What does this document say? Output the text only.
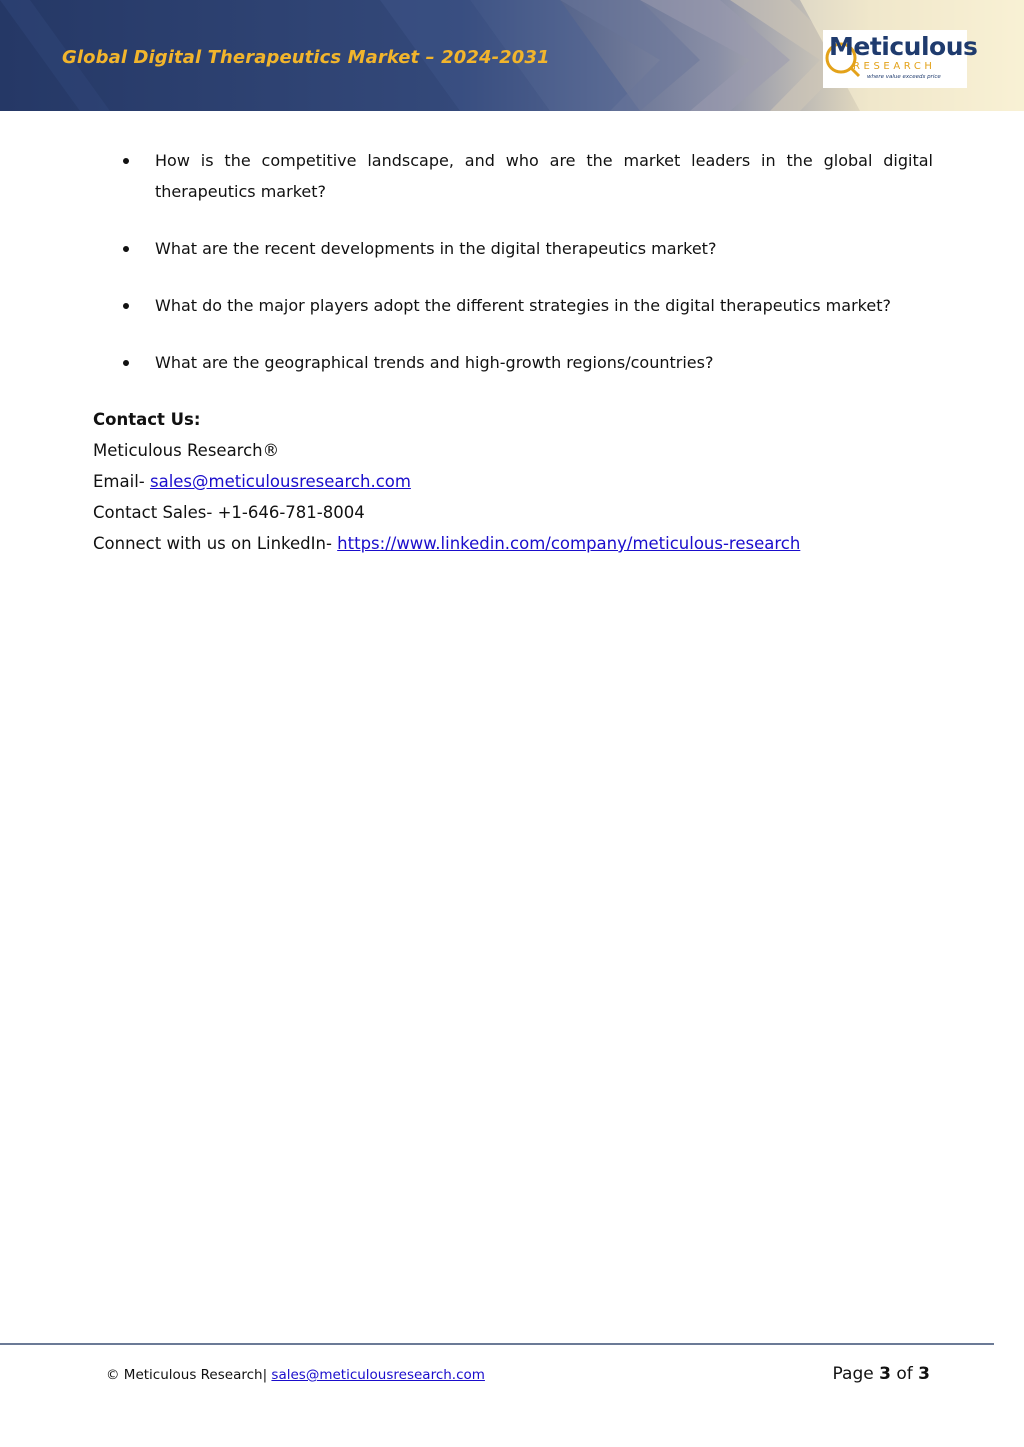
Global Digital Therapeutics Market – 2024-2031	Meticulous
RESEARCH
where value exceeds price
How is the competitive landscape, and who are the market leaders in the global digital therapeutics market?
What are the recent developments in the digital therapeutics market?
What do the major players adopt the different strategies in the digital therapeutics market?
What are the geographical trends and high-growth regions/countries?
Contact Us:
Meticulous Research®
Email- sales@meticulousresearch.com
Contact Sales- +1-646-781-8004
Connect with us on LinkedIn- https://www.linkedin.com/company/meticulous-research
© Meticulous Research| sales@meticulousresearch.com	Page 3 of 3
